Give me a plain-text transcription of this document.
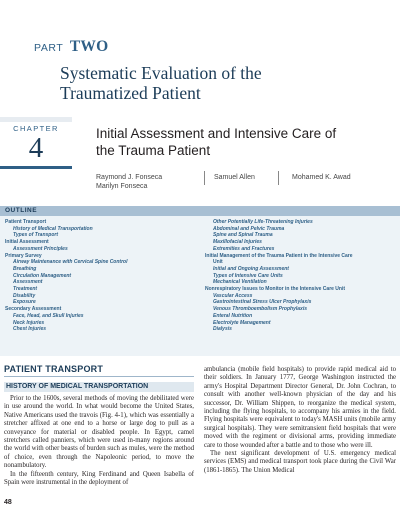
PART TWO
Systematic Evaluation of the
Traumatized Patient
CHAPTER
4	Initial Assessment and Intensive Care of
the Trauma Patient
Raymond J. Fonseca
Marilyn Fonseca
Samuel Allen	Mohamed K. Awad
OUTLINE
Patient Transport
History of Medical Transportation
Types of Transport
Initial Assessment
Assessment Principles
Primary Survey
Airway Maintenance with Cervical Spine Control
Breathing
Circulation Management
Assessment
Treatment
Disability
Exposure
Secondary Assessment
Face, Head, and Skull Injuries
Neck Injuries
Chest Injuries
Other Potentially Life-Threatening Injuries
Abdominal and Pelvic Trauma
Spine and Spinal Trauma
Maxillofacial Injuries
Extremities and Fractures
Initial Management of the Trauma Patient in the Intensive Care
Unit
Initial and Ongoing Assessment
Types of Intensive Care Units
Mechanical Ventilation
Nonrespiratory Issues to Monitor in the Intensive Care Unit
Vascular Access
Gastrointestinal Stress Ulcer Prophylaxis
Venous Thromboembolism Prophylaxis
Enteral Nutrition
Electrolyte Management
Dialysis
PATIENT TRANSPORT
HISTORY OF MEDICAL TRANSPORTATION

Prior to the 1600s, several methods of moving the debilitated were in use around the world. In what would become the United States, Native Americans used the travois (Fig. 4-1), which was essentially a stretcher affixed at one end to a horse or large dog to pull as a conveyance for material or disabled people. In Egypt, camel stretchers called panniers, which were used in-many regions around the world with other beasts of burden such as mules, were the method of choice, even through the Napoleonic period, to move the nonambulatory.

In the fifteenth century, King Ferdinand and Queen Isabella of Spain were instrumental in the deployment of

ambulancia (mobile field hospitals) to provide rapid medical aid to their soldiers. In January 1777, George Washington instructed the army's Hospital Department Director General, Dr. John Cochran, to consult with another well-known physician of the day and his successor, Dr. William Shippen, to reorganize the medical system, including the flying hospitals, to accompany his armies in the field. Flying hospitals were equivalent to today's MASH units (mobile army surgical hospitals). They were semitransient field hospitals that were moved with the regiment or divisional arms, providing immediate care to those wounded after a battle and to those who were ill.

The next significant development of U.S. emergency medical services (EMS) and medical transport took place during the Civil War (1861-1865). The Union Medical

48
